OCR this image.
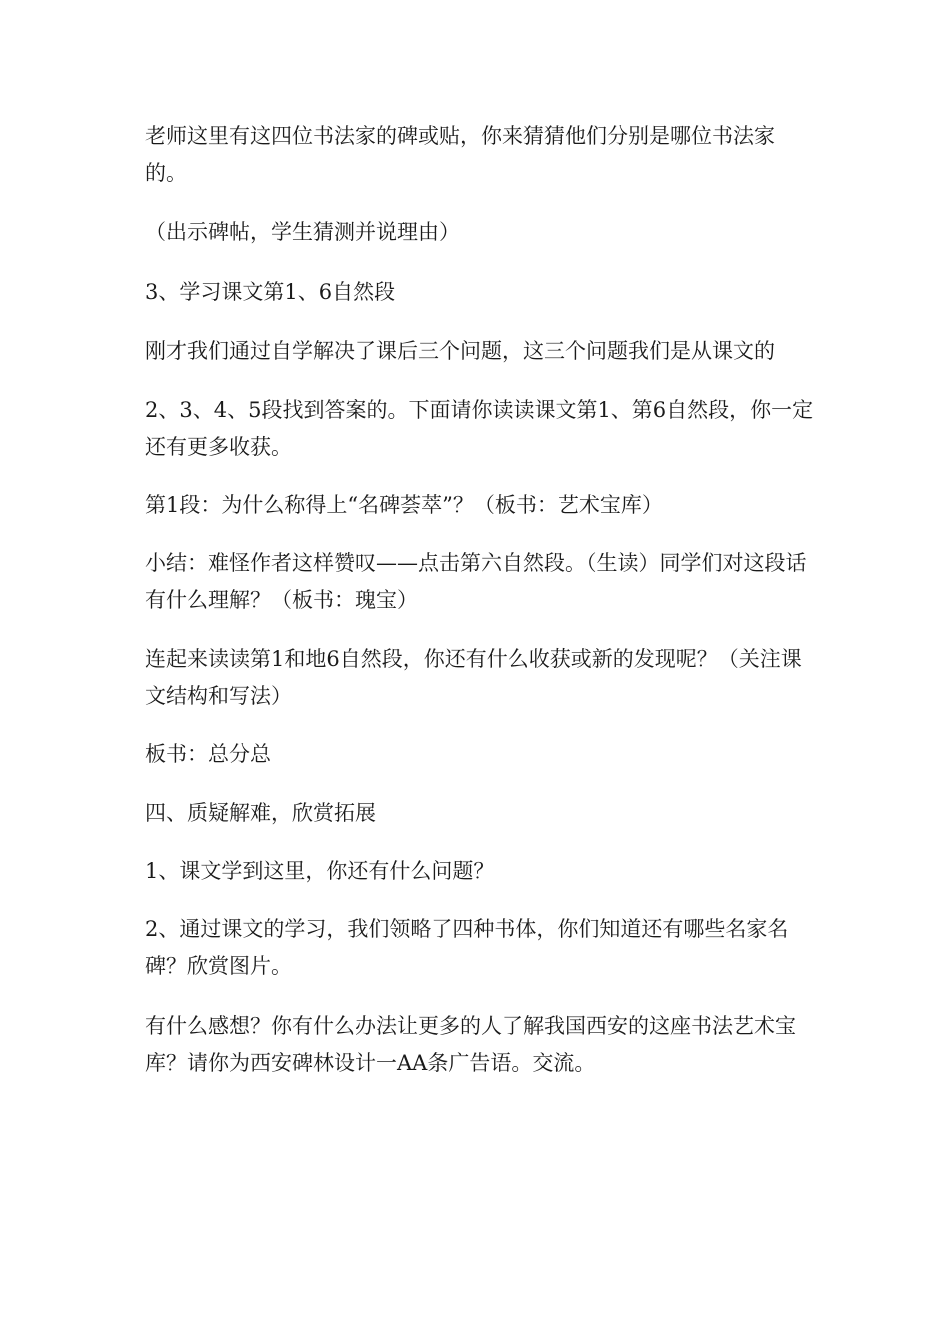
老师这里有这四位书法家的碑或贴，你来猜猜他们分别是哪位书法家的。

（出示碑帖，学生猜测并说理由）

3、学习课文第1、6自然段

刚才我们通过自学解决了课后三个问题，这三个问题我们是从课文的

2、3、4、5段找到答案的。下面请你读读课文第1、第6自然段，你一定还有更多收获。

第1段：为什么称得上“名碑荟萃”？（板书：艺术宝库）

小结：难怪作者这样赞叹——点击第六自然段。（生读）同学们对这段话有什么理解？（板书：瑰宝）

连起来读读第1和地6自然段，你还有什么收获或新的发现呢？（关注课文结构和写法）

板书：总分总

四、质疑解难，欣赏拓展

1、课文学到这里，你还有什么问题？

2、通过课文的学习，我们领略了四种书体，你们知道还有哪些名家名碑？欣赏图片。

有什么感想？你有什么办法让更多的人了解我国西安的这座书法艺术宝库？请你为西安碑林设计一AA条广告语。交流。
